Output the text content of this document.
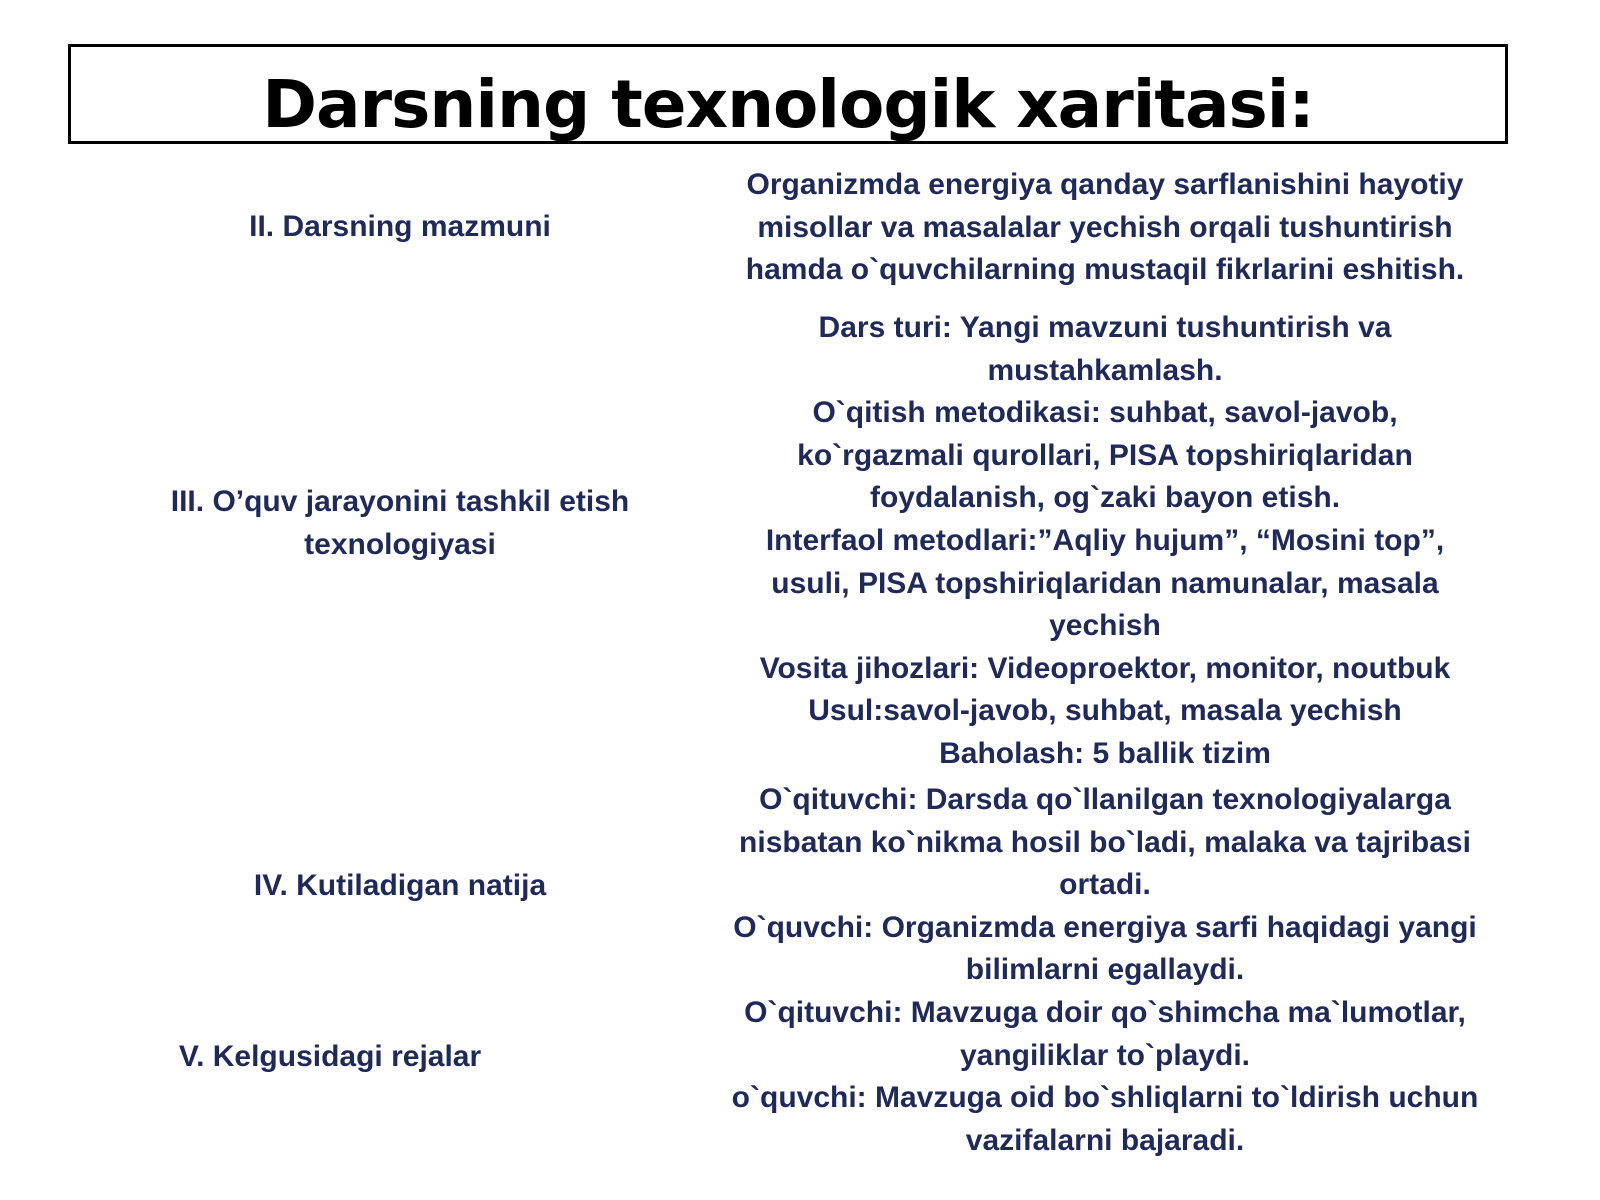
Darsning texnologik xaritasi:
II. Darsning mazmuni

Organizmda energiya qanday sarflanishini hayotiy

misollar va masalalar yechish orqali tushuntirish

hamda o`quvchilarning mustaqil fikrlarini eshitish.

III. O’quv jarayonini tashkil etish

texnologiyasi

Dars turi: Yangi mavzuni tushuntirish va

mustahkamlash.

O`qitish metodikasi: suhbat, savol-javob,

ko`rgazmali qurollari, PISA topshiriqlaridan

foydalanish, og`zaki bayon etish.

Interfaol metodlari:”Aqliy hujum”, “Mosini top”,

usuli, PISA topshiriqlaridan namunalar, masala

yechish

Vosita jihozlari: Videoproektor, monitor, noutbuk

Usul:savol-javob, suhbat, masala yechish

Baholash: 5 ballik tizim

IV. Kutiladigan natija

O`qituvchi: Darsda qo`llanilgan texnologiyalarga

nisbatan ko`nikma hosil bo`ladi, malaka va tajribasi

ortadi.

O`quvchi: Organizmda energiya sarfi haqidagi yangi

bilimlarni egallaydi.

V. Kelgusidagi rejalar

O`qituvchi: Mavzuga doir qo`shimcha ma`lumotlar,

yangiliklar to`playdi.

o`quvchi: Mavzuga oid bo`shliqlarni to`ldirish uchun

vazifalarni bajaradi.
